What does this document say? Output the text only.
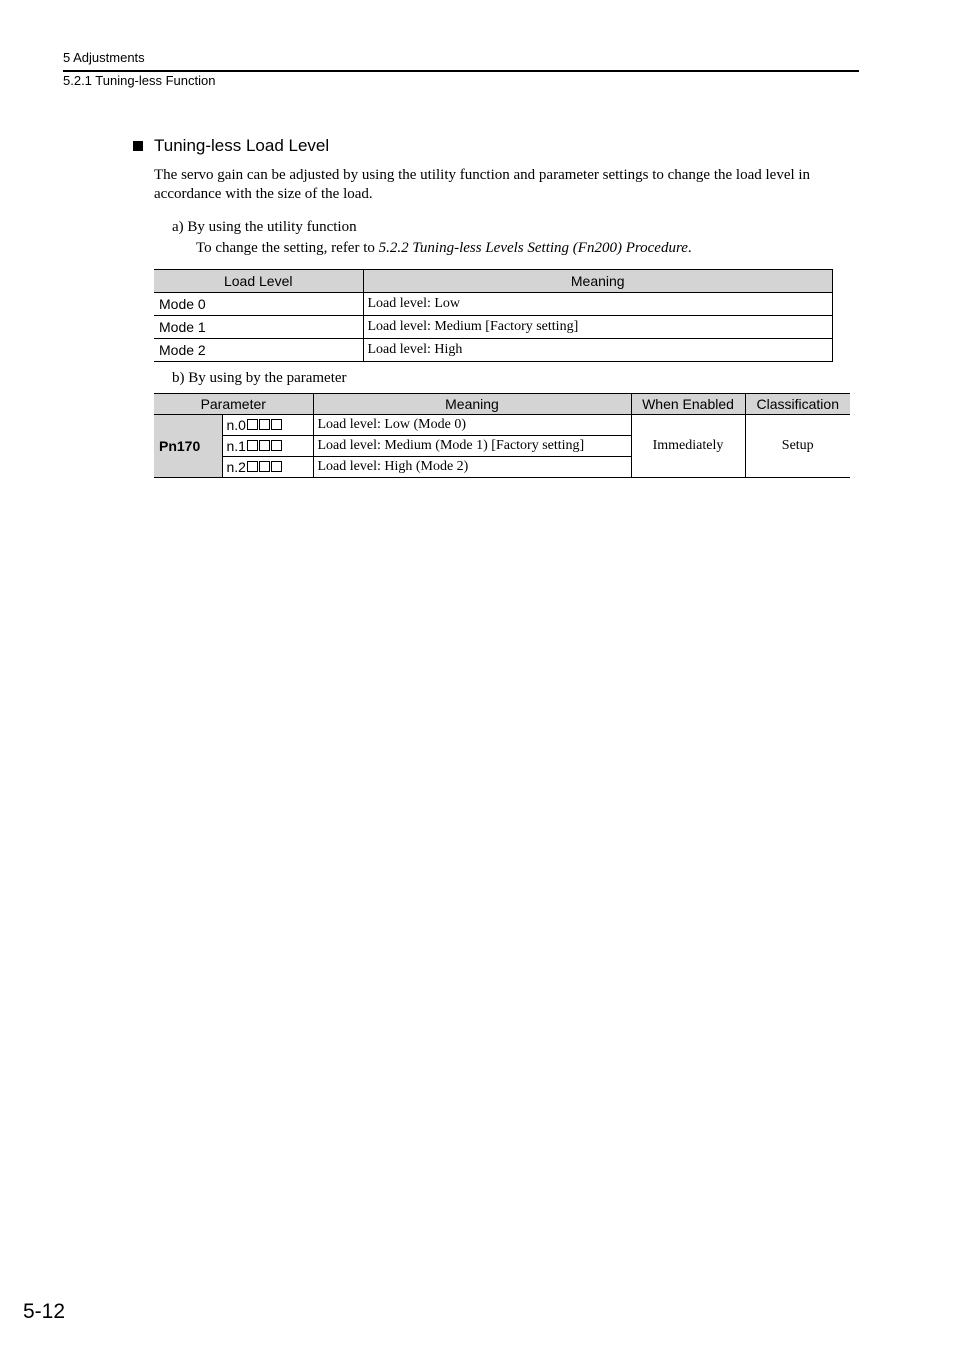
5 Adjustments
5.2.1 Tuning-less Function
Tuning-less Load Level
The servo gain can be adjusted by using the utility function and parameter settings to change the load level in accordance with the size of the load.
a) By using the utility function
To change the setting, refer to 5.2.2 Tuning-less Levels Setting (Fn200) Procedure.
Load Level	Meaning
Mode 0	Load level: Low
Mode 1	Load level: Medium [Factory setting]
Mode 2	Load level: High
b) By using by the parameter
Parameter		Meaning	When Enabled	Classification
Pn170	n.0	Load level: Low (Mode 0)	Immediately	Setup
	n.1	Load level: Medium (Mode 1) [Factory setting]		
	n.2	Load level: High (Mode 2)		
5-12
